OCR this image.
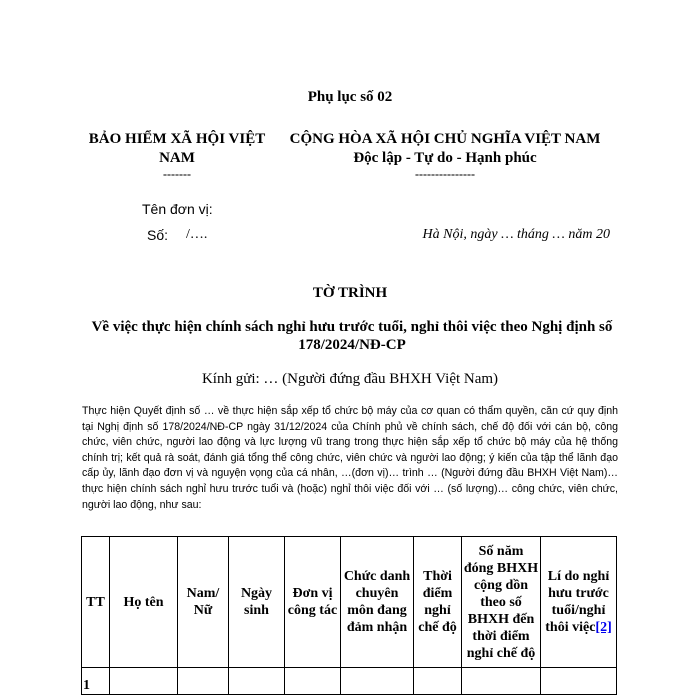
Phụ lục số 02
BẢO HIỂM XÃ HỘI VIỆT
NAM
-------
CỘNG HÒA XÃ HỘI CHỦ NGHĨA VIỆT NAM
Độc lập - Tự do - Hạnh phúc
---------------
Tên đơn vị:
Số: /….	Hà Nội, ngày … tháng … năm 20
TỜ TRÌNH
Về việc thực hiện chính sách nghỉ hưu trước tuổi, nghỉ thôi việc theo Nghị định số 178/2024/NĐ-CP
Kính gửi: … (Người đứng đầu BHXH Việt Nam)
Thực hiện Quyết định số … về thực hiện sắp xếp tổ chức bộ máy của cơ quan có thẩm quyền, căn cứ quy định tại Nghị định số 178/2024/NĐ-CP ngày 31/12/2024 của Chính phủ về chính sách, chế độ đối với cán bộ, công chức, viên chức, người lao động và lực lượng vũ trang trong thực hiện sắp xếp tổ chức bộ máy của hệ thống chính trị; kết quả rà soát, đánh giá tổng thể công chức, viên chức và người lao động; ý kiến của tập thể lãnh đạo cấp ủy, lãnh đạo đơn vị và nguyện vọng của cá nhân, …(đơn vị)… trình … (Người đứng đầu BHXH Việt Nam)… thực hiện chính sách nghỉ hưu trước tuổi và (hoặc) nghỉ thôi việc đối với … (số lượng)… công chức, viên chức, người lao động, như sau:
TT	Họ tên	Nam/ Nữ	Ngày sinh	Đơn vị công tác	Chức danh chuyên môn đang đảm nhận	Thời điểm nghỉ chế độ	Số năm đóng BHXH cộng dồn theo số BHXH đến thời điểm nghỉ chế độ	Lí do nghỉ hưu trước tuổi/nghỉ thôi việc[2]
1								
